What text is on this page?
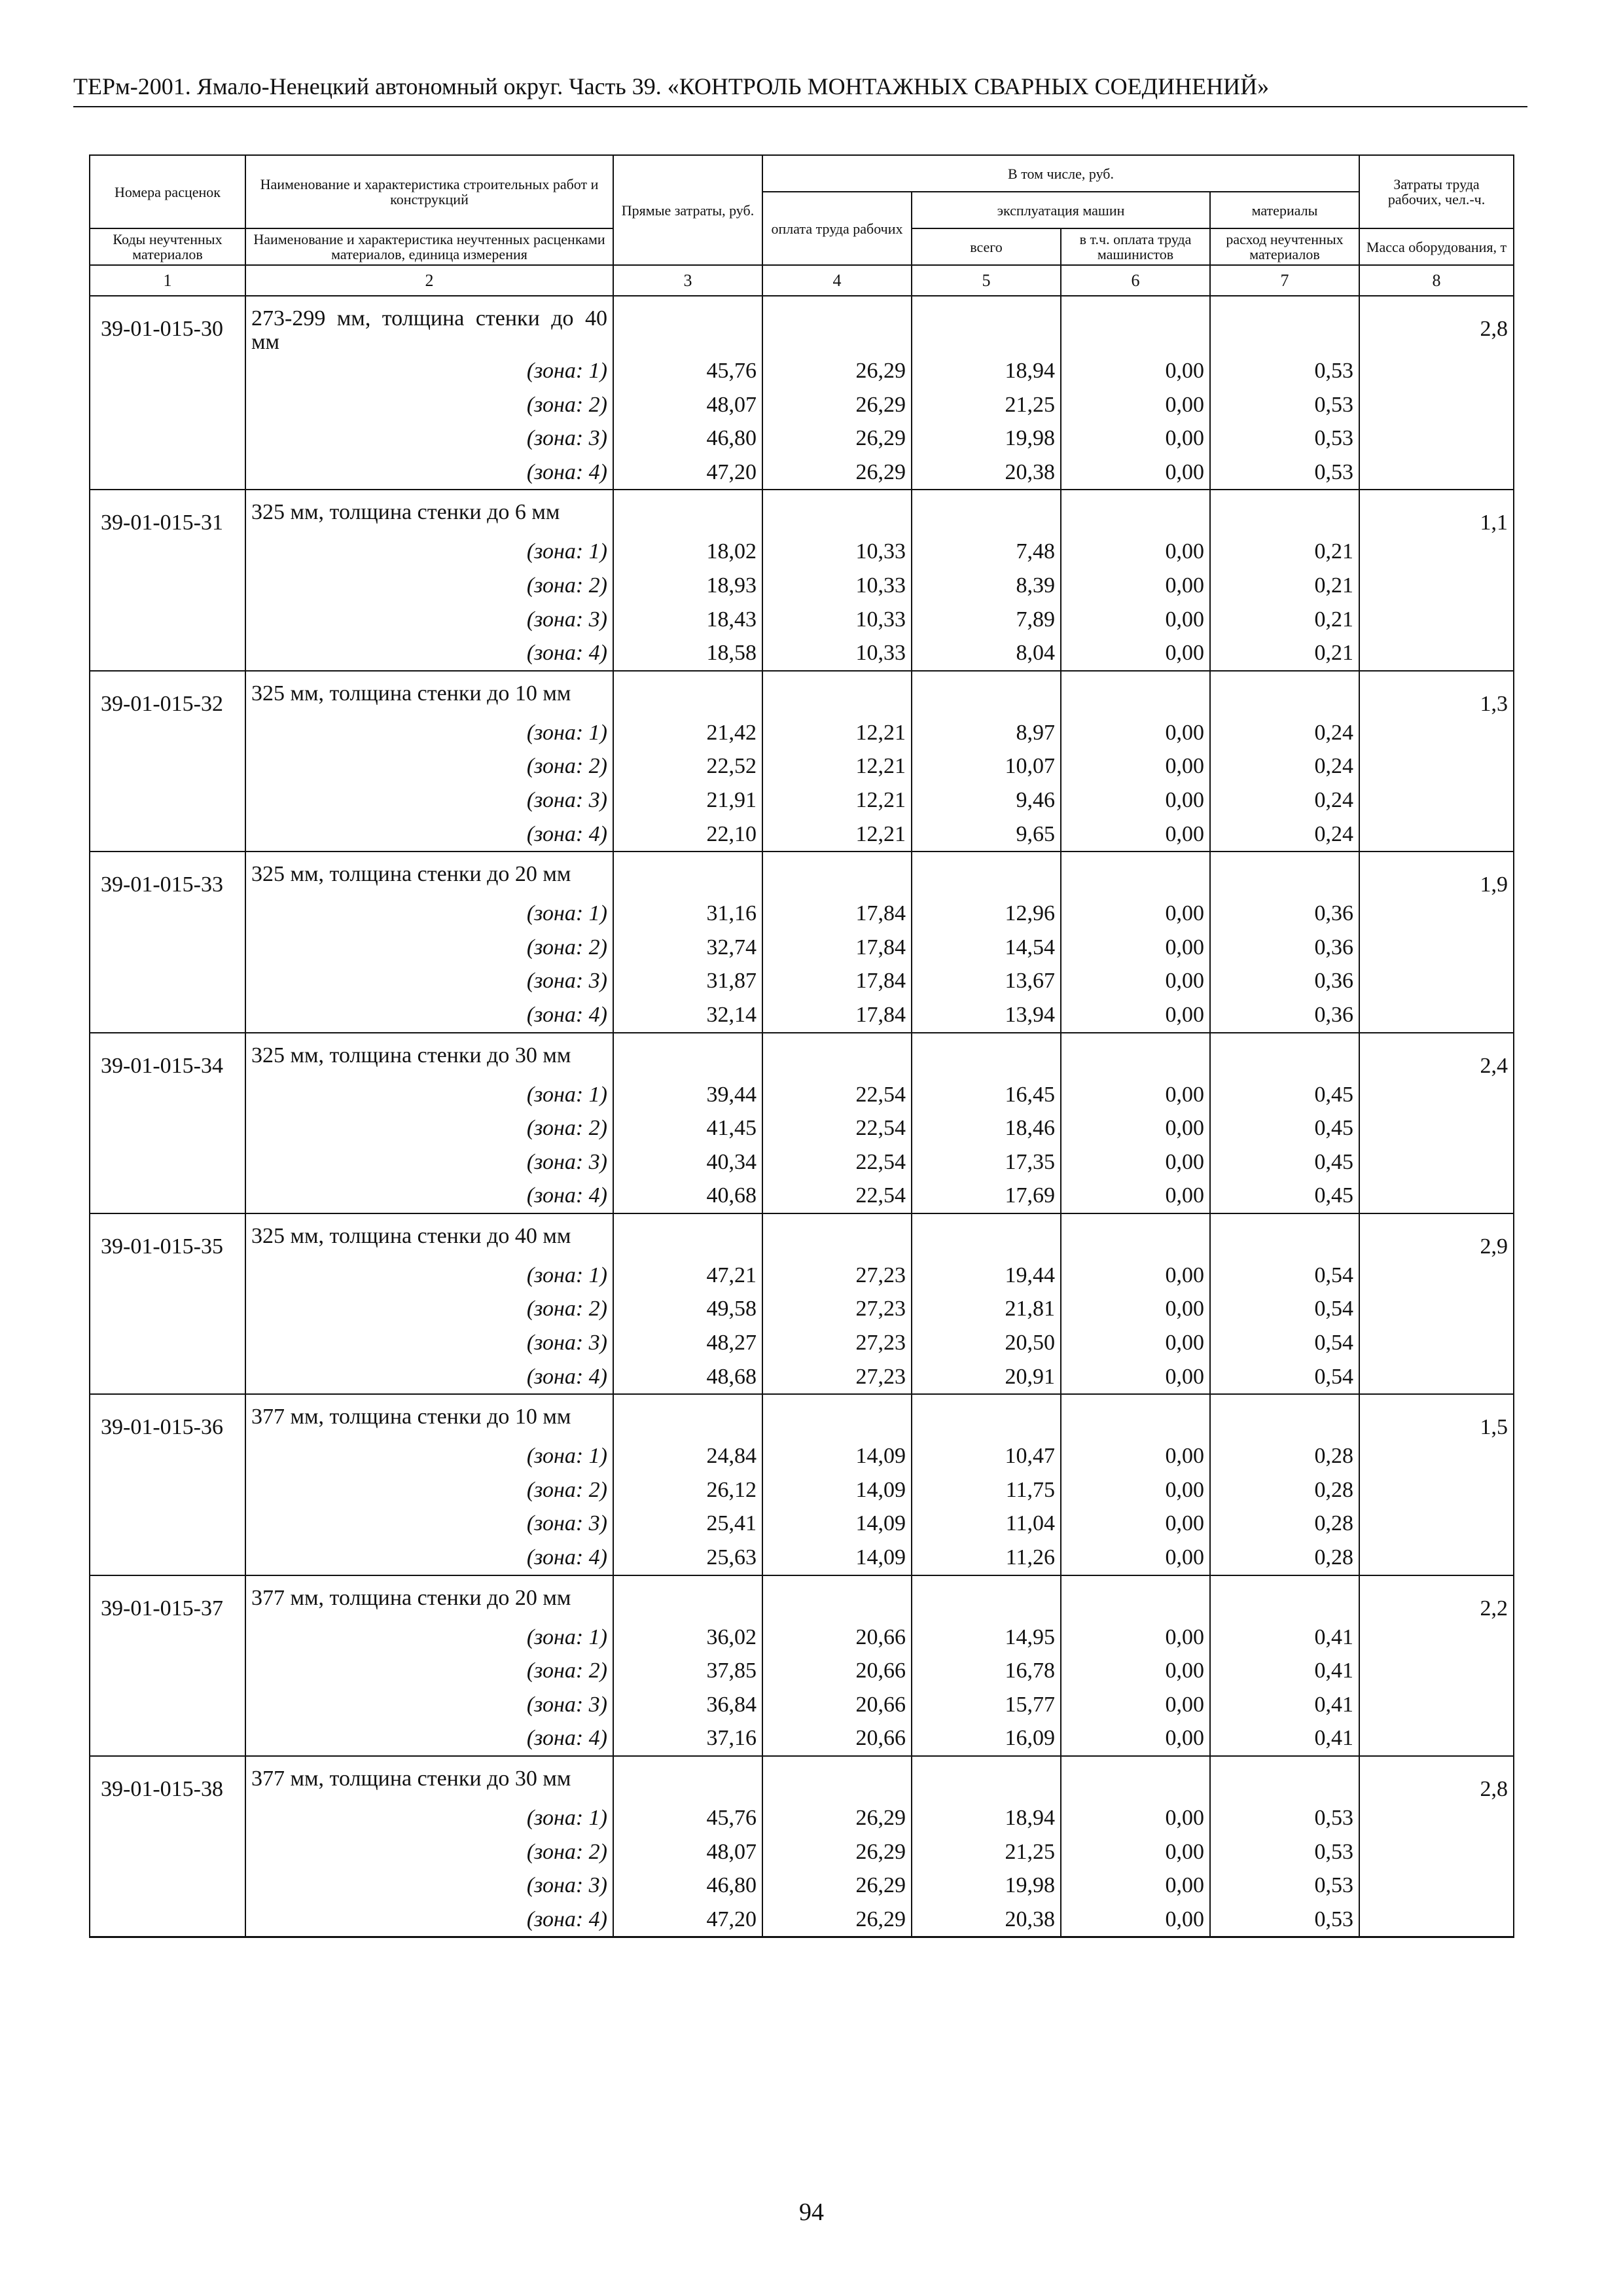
ТЕРм-2001. Ямало-Ненецкий автономный округ. Часть 39. «КОНТРОЛЬ МОНТАЖНЫХ СВАРНЫХ СОЕДИНЕНИЙ»
Номера расценок	Наименование и характеристика строительных работ и конструкций	Прямые затраты, руб.	В том числе, руб.				Затраты труда рабочих, чел.-ч.
			оплата труда рабочих	эксплуатация машин		материалы	
Коды неучтенных материалов	Наименование и характеристика неучтенных расценками материалов, единица измерения			всего	в т.ч. оплата труда машинистов	расход неучтенных материалов	Масса оборудования, т
1	2	3	4	5	6	7	8
39-01-015-30	273-299 мм, толщина стенки до 40 мм						2,8
	(зона: 1)	45,76	26,29	18,94	0,00	0,53	
	(зона: 2)	48,07	26,29	21,25	0,00	0,53	
	(зона: 3)	46,80	26,29	19,98	0,00	0,53	
	(зона: 4)	47,20	26,29	20,38	0,00	0,53	
39-01-015-31	325 мм, толщина стенки до 6 мм						1,1
	(зона: 1)	18,02	10,33	7,48	0,00	0,21	
	(зона: 2)	18,93	10,33	8,39	0,00	0,21	
	(зона: 3)	18,43	10,33	7,89	0,00	0,21	
	(зона: 4)	18,58	10,33	8,04	0,00	0,21	
39-01-015-32	325 мм, толщина стенки до 10 мм						1,3
	(зона: 1)	21,42	12,21	8,97	0,00	0,24	
	(зона: 2)	22,52	12,21	10,07	0,00	0,24	
	(зона: 3)	21,91	12,21	9,46	0,00	0,24	
	(зона: 4)	22,10	12,21	9,65	0,00	0,24	
39-01-015-33	325 мм, толщина стенки до 20 мм						1,9
	(зона: 1)	31,16	17,84	12,96	0,00	0,36	
	(зона: 2)	32,74	17,84	14,54	0,00	0,36	
	(зона: 3)	31,87	17,84	13,67	0,00	0,36	
	(зона: 4)	32,14	17,84	13,94	0,00	0,36	
39-01-015-34	325 мм, толщина стенки до 30 мм						2,4
	(зона: 1)	39,44	22,54	16,45	0,00	0,45	
	(зона: 2)	41,45	22,54	18,46	0,00	0,45	
	(зона: 3)	40,34	22,54	17,35	0,00	0,45	
	(зона: 4)	40,68	22,54	17,69	0,00	0,45	
39-01-015-35	325 мм, толщина стенки до 40 мм						2,9
	(зона: 1)	47,21	27,23	19,44	0,00	0,54	
	(зона: 2)	49,58	27,23	21,81	0,00	0,54	
	(зона: 3)	48,27	27,23	20,50	0,00	0,54	
	(зона: 4)	48,68	27,23	20,91	0,00	0,54	
39-01-015-36	377 мм, толщина стенки до 10 мм						1,5
	(зона: 1)	24,84	14,09	10,47	0,00	0,28	
	(зона: 2)	26,12	14,09	11,75	0,00	0,28	
	(зона: 3)	25,41	14,09	11,04	0,00	0,28	
	(зона: 4)	25,63	14,09	11,26	0,00	0,28	
39-01-015-37	377 мм, толщина стенки до 20 мм						2,2
	(зона: 1)	36,02	20,66	14,95	0,00	0,41	
	(зона: 2)	37,85	20,66	16,78	0,00	0,41	
	(зона: 3)	36,84	20,66	15,77	0,00	0,41	
	(зона: 4)	37,16	20,66	16,09	0,00	0,41	
39-01-015-38	377 мм, толщина стенки до 30 мм						2,8
	(зона: 1)	45,76	26,29	18,94	0,00	0,53	
	(зона: 2)	48,07	26,29	21,25	0,00	0,53	
	(зона: 3)	46,80	26,29	19,98	0,00	0,53	
	(зона: 4)	47,20	26,29	20,38	0,00	0,53	
94
